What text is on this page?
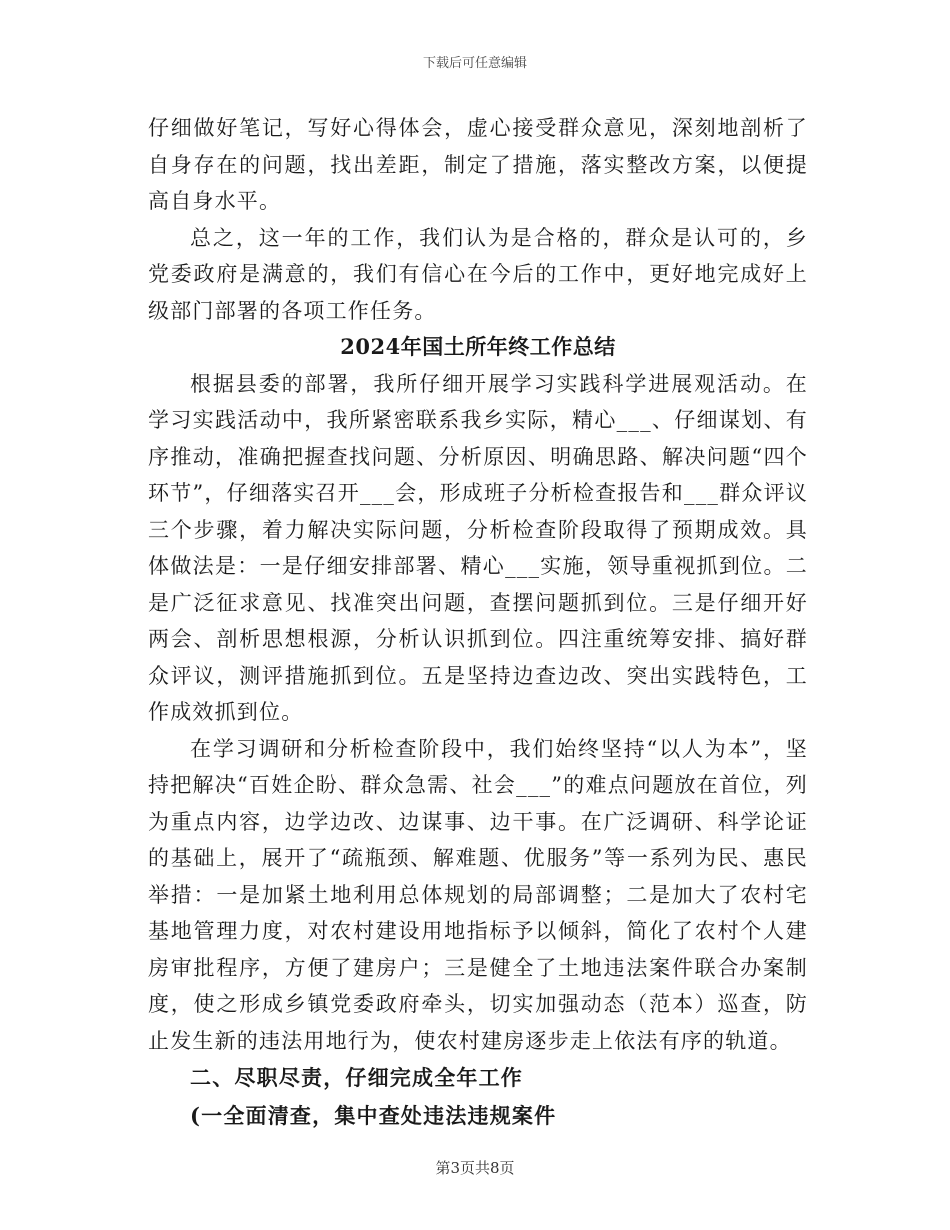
下载后可任意编辑

仔细做好笔记，写好心得体会，虚心接受群众意见，深刻地剖析了自身存在的问题，找出差距，制定了措施，落实整改方案，以便提高自身水平。

总之，这一年的工作，我们认为是合格的，群众是认可的，乡党委政府是满意的，我们有信心在今后的工作中，更好地完成好上级部门部署的各项工作任务。

2024年国土所年终工作总结

根据县委的部署，我所仔细开展学习实践科学进展观活动。在学习实践活动中，我所紧密联系我乡实际，精心___、仔细谋划、有序推动，准确把握查找问题、分析原因、明确思路、解决问题“四个环节”，仔细落实召开___会，形成班子分析检查报告和___群众评议三个步骤，着力解决实际问题，分析检查阶段取得了预期成效。具体做法是：一是仔细安排部署、精心___实施，领导重视抓到位。二是广泛征求意见、找准突出问题，查摆问题抓到位。三是仔细开好两会、剖析思想根源，分析认识抓到位。四注重统筹安排、搞好群众评议，测评措施抓到位。五是坚持边查边改、突出实践特色，工作成效抓到位。

在学习调研和分析检查阶段中，我们始终坚持“以人为本”，坚持把解决“百姓企盼、群众急需、社会___”的难点问题放在首位，列为重点内容，边学边改、边谋事、边干事。在广泛调研、科学论证的基础上，展开了“疏瓶颈、解难题、优服务”等一系列为民、惠民举措：一是加紧土地利用总体规划的局部调整；二是加大了农村宅基地管理力度，对农村建设用地指标予以倾斜，简化了农村个人建房审批程序，方便了建房户；三是健全了土地违法案件联合办案制度，使之形成乡镇党委政府牵头，切实加强动态（范本）巡查，防止发生新的违法用地行为，使农村建房逐步走上依法有序的轨道。

二、尽职尽责，仔细完成全年工作

(一全面清查，集中查处违法违规案件

第3页共8页
